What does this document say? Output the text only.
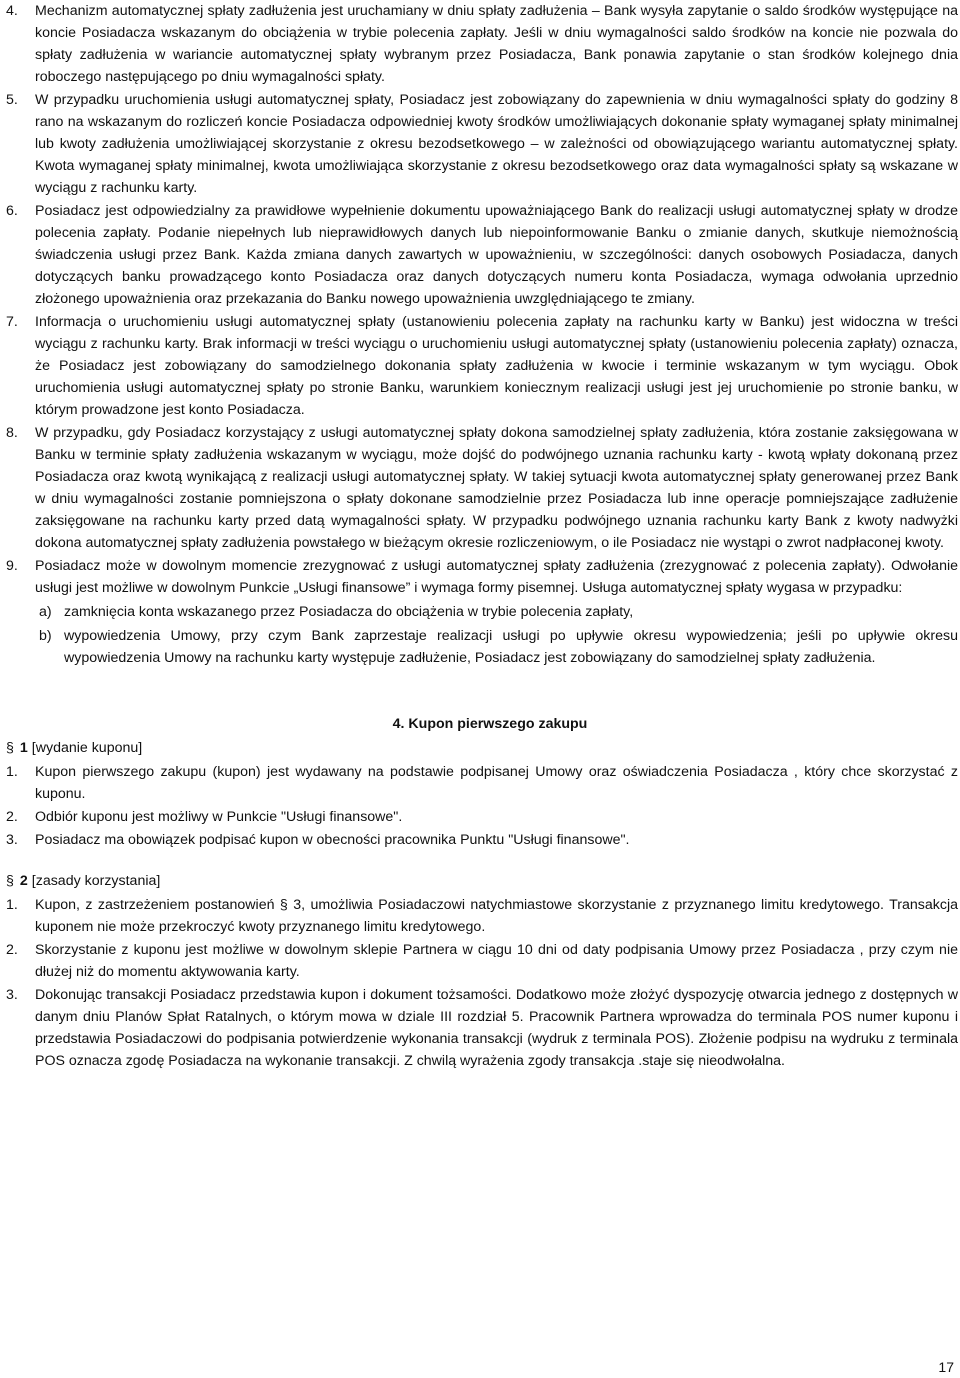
4.	Mechanizm automatycznej spłaty zadłużenia jest uruchamiany w dniu spłaty zadłużenia – Bank wysyła zapytanie o saldo środków występujące na koncie Posiadacza wskazanym do obciążenia w trybie polecenia zapłaty. Jeśli w dniu wymagalności saldo środków na koncie nie pozwala do spłaty zadłużenia w wariancie automatycznej spłaty wybranym przez Posiadacza, Bank ponawia zapytanie o stan środków kolejnego dnia roboczego następującego po dniu wymagalności spłaty.
5.	W przypadku uruchomienia usługi automatycznej spłaty, Posiadacz jest zobowiązany do zapewnienia w dniu wymagalności spłaty do godziny 8 rano na wskazanym do rozliczeń koncie Posiadacza odpowiedniej kwoty środków umożliwiających dokonanie spłaty wymaganej spłaty minimalnej lub kwoty zadłużenia umożliwiającej skorzystanie z okresu bezodsetkowego – w zależności od obowiązującego wariantu automatycznej spłaty. Kwota wymaganej spłaty minimalnej, kwota umożliwiająca skorzystanie z okresu bezodsetkowego oraz data wymagalności spłaty są wskazane w wyciągu z rachunku karty.
6.	Posiadacz jest odpowiedzialny za prawidłowe wypełnienie dokumentu upoważniającego Bank do realizacji usługi automatycznej spłaty w drodze polecenia zapłaty. Podanie niepełnych lub nieprawidłowych danych lub niepoinformowanie Banku o zmianie danych, skutkuje niemożnością świadczenia usługi przez Bank. Każda zmiana danych zawartych w upoważnieniu, w szczególności: danych osobowych Posiadacza, danych dotyczących banku prowadzącego konto Posiadacza oraz danych dotyczących numeru konta Posiadacza, wymaga odwołania uprzednio złożonego upoważnienia oraz przekazania do Banku nowego upoważnienia uwzględniającego te zmiany.
7.	Informacja o uruchomieniu usługi automatycznej spłaty (ustanowieniu polecenia zapłaty na rachunku karty w Banku) jest widoczna w treści wyciągu z rachunku karty. Brak informacji w treści wyciągu o uruchomieniu usługi automatycznej spłaty (ustanowieniu polecenia zapłaty) oznacza, że Posiadacz jest zobowiązany do samodzielnego dokonania spłaty zadłużenia w kwocie i terminie wskazanym w tym wyciągu. Obok uruchomienia usługi automatycznej spłaty po stronie Banku, warunkiem koniecznym realizacji usługi jest jej uruchomienie po stronie banku, w którym prowadzone jest konto Posiadacza.
8.	W przypadku, gdy Posiadacz korzystający z usługi automatycznej spłaty dokona samodzielnej spłaty zadłużenia, która zostanie zaksięgowana w Banku w terminie spłaty zadłużenia wskazanym w wyciągu, może dojść do podwójnego uznania rachunku karty - kwotą wpłaty dokonaną przez Posiadacza oraz kwotą wynikającą z realizacji usługi automatycznej spłaty. W takiej sytuacji kwota automatycznej spłaty generowanej przez Bank w dniu wymagalności zostanie pomniejszona o spłaty dokonane samodzielnie przez Posiadacza lub inne operacje pomniejszające zadłużenie zaksięgowane na rachunku karty przed datą wymagalności spłaty. W przypadku podwójnego uznania rachunku karty Bank z kwoty nadwyżki dokona automatycznej spłaty zadłużenia powstałego w bieżącym okresie rozliczeniowym, o ile Posiadacz nie wystąpi o zwrot nadpłaconej kwoty.
9.	Posiadacz może w dowolnym momencie zrezygnować z usługi automatycznej spłaty zadłużenia (zrezygnować z polecenia zapłaty). Odwołanie usługi jest możliwe w dowolnym Punkcie „Usługi finansowe” i wymaga formy pisemnej. Usługa automatycznej spłaty wygasa w przypadku:
a) zamknięcia konta wskazanego przez Posiadacza do obciążenia w trybie polecenia zapłaty,
b) wypowiedzenia Umowy, przy czym Bank zaprzestaje realizacji usługi po upływie okresu wypowiedzenia; jeśli po upływie okresu wypowiedzenia Umowy na rachunku karty występuje zadłużenie, Posiadacz jest zobowiązany do samodzielnej spłaty zadłużenia.
4. Kupon pierwszego zakupu
§ 1 [wydanie kuponu]
1.	Kupon pierwszego zakupu (kupon) jest wydawany na podstawie podpisanej Umowy oraz oświadczenia Posiadacza , który chce skorzystać z kuponu.
2.	Odbiór kuponu jest możliwy w Punkcie "Usługi finansowe".
3.	Posiadacz ma obowiązek podpisać kupon w obecności pracownika Punktu "Usługi finansowe".
§ 2 [zasady korzystania]
1.	Kupon, z zastrzeżeniem postanowień § 3, umożliwia Posiadaczowi natychmiastowe skorzystanie z przyznanego limitu kredytowego. Transakcja kuponem nie może przekroczyć kwoty przyznanego limitu kredytowego.
2.	Skorzystanie z kuponu jest możliwe w dowolnym sklepie Partnera w ciągu 10 dni od daty podpisania Umowy przez Posiadacza , przy czym nie dłużej niż do momentu aktywowania karty.
3.	Dokonując transakcji Posiadacz przedstawia kupon i dokument tożsamości. Dodatkowo może złożyć dyspozycję otwarcia jednego z dostępnych w danym dniu Planów Spłat Ratalnych, o którym mowa w dziale III rozdział 5. Pracownik Partnera wprowadza do terminala POS numer kuponu i przedstawia Posiadaczowi do podpisania potwierdzenie wykonania transakcji (wydruk z terminala POS). Złożenie podpisu na wydruku z terminala POS oznacza zgodę Posiadacza na wykonanie transakcji. Z chwilą wyrażenia zgody transakcja .staje się nieodwołalna.
17
